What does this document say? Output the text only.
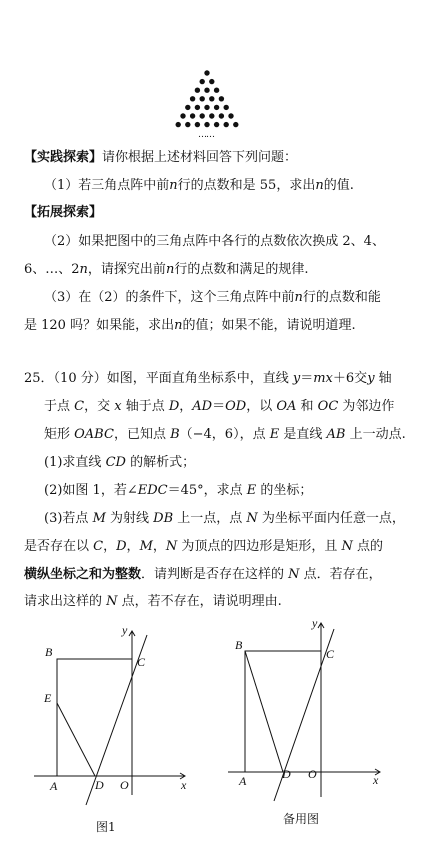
……
【实践探索】请你根据上述材料回答下列问题：
（1）若三角点阵中前n行的点数和是 55，求出n的值.
【拓展探索】
（2）如果把图中的三角点阵中各行的点数依次换成 2、4、
6、…、2n，请探究出前n行的点数和满足的规律.
（3）在（2）的条件下，这个三角点阵中前n行的点数和能
是 120 吗？如果能，求出n的值；如果不能，请说明道理.
25．（10 分）如图，平面直角坐标系中，直线 y＝mx＋6交y 轴
于点 C，交 x 轴于点 D，AD＝OD，以 OA 和 OC 为邻边作
矩形 OABC，已知点 B（−4，6），点 E 是直线 AB 上一动点.
(1)求直线 CD 的解析式；
(2)如图 1，若∠EDC＝45°，求点 E 的坐标；
(3)若点 M 为射线 DB 上一点，点 N 为坐标平面内任意一点，
是否存在以 C，D，M，N 为顶点的四边形是矩形，且 N 点的
横纵坐标之和为整数．请判断是否存在这样的 N 点．若存在，
请求出这样的 N 点，若不存在，请说明理由.
y
x
B
C
E
A	D O
图1
y
x
B
C
A	D O
备用图
